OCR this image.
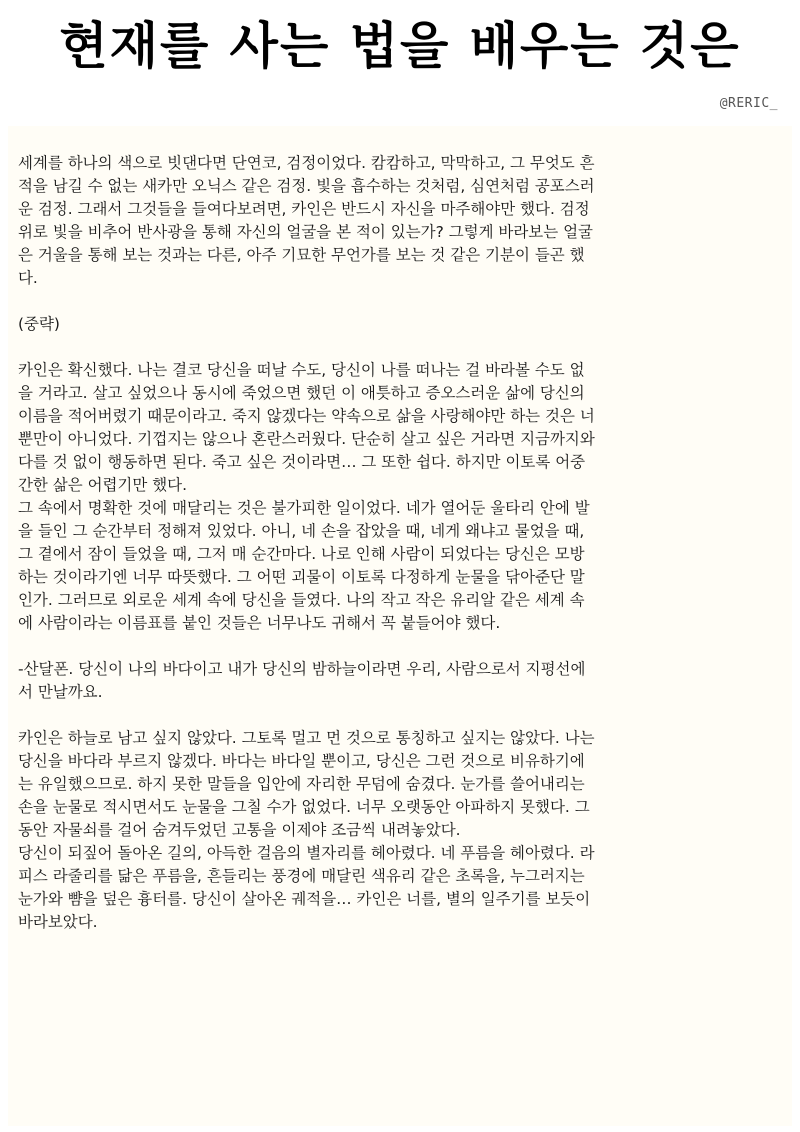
현재를 사는 법을 배우는 것은
@RERIC_
세계를 하나의 색으로 빗댄다면 단연코, 검정이었다. 캄캄하고, 막막하고, 그 무엇도 흔
적을 남길 수 없는 새카만 오닉스 같은 검정. 빛을 흡수하는 것처럼, 심연처럼 공포스러
운 검정. 그래서 그것들을 들여다보려면, 카인은 반드시 자신을 마주해야만 했다. 검정
위로 빛을 비추어 반사광을 통해 자신의 얼굴을 본 적이 있는가? 그렇게 바라보는 얼굴
은 거울을 통해 보는 것과는 다른, 아주 기묘한 무언가를 보는 것 같은 기분이 들곤 했
다.
(중략)
카인은 확신했다. 나는 결코 당신을 떠날 수도, 당신이 나를 떠나는 걸 바라볼 수도 없
을 거라고. 살고 싶었으나 동시에 죽었으면 했던 이 애틋하고 증오스러운 삶에 당신의
이름을 적어버렸기 때문이라고. 죽지 않겠다는 약속으로 삶을 사랑해야만 하는 것은 너
뿐만이 아니었다. 기껍지는 않으나 혼란스러웠다. 단순히 살고 싶은 거라면 지금까지와
다를 것 없이 행동하면 된다. 죽고 싶은 것이라면… 그 또한 쉽다. 하지만 이토록 어중
간한 삶은 어렵기만 했다.
그 속에서 명확한 것에 매달리는 것은 불가피한 일이었다. 네가 열어둔 울타리 안에 발
을 들인 그 순간부터 정해져 있었다. 아니, 네 손을 잡았을 때, 네게 왜냐고 물었을 때,
그 곁에서 잠이 들었을 때, 그저 매 순간마다. 나로 인해 사람이 되었다는 당신은 모방
하는 것이라기엔 너무 따뜻했다. 그 어떤 괴물이 이토록 다정하게 눈물을 닦아준단 말
인가. 그러므로 외로운 세계 속에 당신을 들였다. 나의 작고 작은 유리알 같은 세계 속
에 사람이라는 이름표를 붙인 것들은 너무나도 귀해서 꼭 붙들어야 했다.
-산달폰. 당신이 나의 바다이고 내가 당신의 밤하늘이라면 우리, 사람으로서 지평선에
서 만날까요.
카인은 하늘로 남고 싶지 않았다. 그토록 멀고 먼 것으로 통칭하고 싶지는 않았다. 나는
당신을 바다라 부르지 않겠다. 바다는 바다일 뿐이고, 당신은 그런 것으로 비유하기에
는 유일했으므로. 하지 못한 말들을 입안에 자리한 무덤에 숨겼다. 눈가를 쓸어내리는
손을 눈물로 적시면서도 눈물을 그칠 수가 없었다. 너무 오랫동안 아파하지 못했다. 그
동안 자물쇠를 걸어 숨겨두었던 고통을 이제야 조금씩 내려놓았다.
당신이 되짚어 돌아온 길의, 아득한 걸음의 별자리를 헤아렸다. 네 푸름을 헤아렸다. 라
피스 라줄리를 닮은 푸름을, 흔들리는 풍경에 매달린 색유리 같은 초록을, 누그러지는
눈가와 뺨을 덮은 흉터를. 당신이 살아온 궤적을… 카인은 너를, 별의 일주기를 보듯이
바라보았다.
